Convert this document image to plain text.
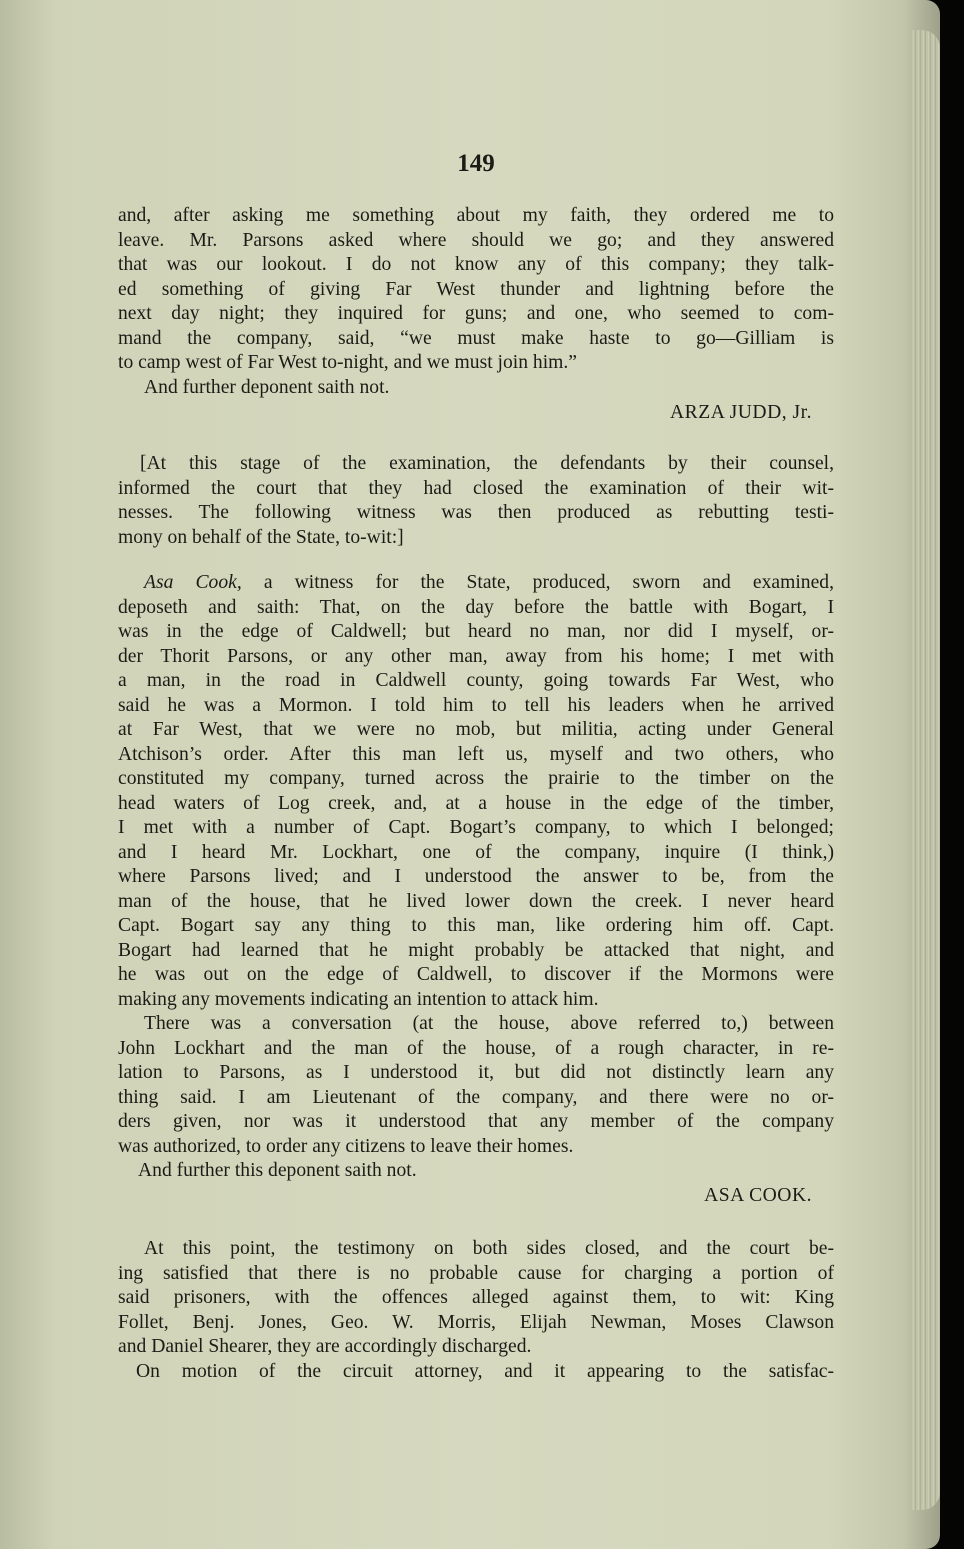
149

and, after asking me something about my faith, they ordered me to

leave. Mr. Parsons asked where should we go; and they answered

that was our lookout. I do not know any of this company; they talk-

ed something of giving Far West thunder and lightning before the

next day night; they inquired for guns; and one, who seemed to com-

mand the company, said, “we must make haste to go—Gilliam is

to camp west of Far West to-night, and we must join him.”

And further deponent saith not.

ARZA JUDD, Jr.

[At this stage of the examination, the defendants by their counsel,

informed the court that they had closed the examination of their wit-

nesses. The following witness was then produced as rebutting testi-

mony on behalf of the State, to-wit:]

Asa Cook, a witness for the State, produced, sworn and examined,

deposeth and saith: That, on the day before the battle with Bogart, I

was in the edge of Caldwell; but heard no man, nor did I myself, or-

der Thorit Parsons, or any other man, away from his home; I met with

a man, in the road in Caldwell county, going towards Far West, who

said he was a Mormon. I told him to tell his leaders when he arrived

at Far West, that we were no mob, but militia, acting under General

Atchison’s order. After this man left us, myself and two others, who

constituted my company, turned across the prairie to the timber on the

head waters of Log creek, and, at a house in the edge of the timber,

I met with a number of Capt. Bogart’s company, to which I belonged;

and I heard Mr. Lockhart, one of the company, inquire (I think,)

where Parsons lived; and I understood the answer to be, from the

man of the house, that he lived lower down the creek. I never heard

Capt. Bogart say any thing to this man, like ordering him off. Capt.

Bogart had learned that he might probably be attacked that night, and

he was out on the edge of Caldwell, to discover if the Mormons were

making any movements indicating an intention to attack him.

There was a conversation (at the house, above referred to,) between

John Lockhart and the man of the house, of a rough character, in re-

lation to Parsons, as I understood it, but did not distinctly learn any

thing said. I am Lieutenant of the company, and there were no or-

ders given, nor was it understood that any member of the company

was authorized, to order any citizens to leave their homes.

And further this deponent saith not.

ASA COOK.

At this point, the testimony on both sides closed, and the court be-

ing satisfied that there is no probable cause for charging a portion of

said prisoners, with the offences alleged against them, to wit: King

Follet, Benj. Jones, Geo. W. Morris, Elijah Newman, Moses Clawson

and Daniel Shearer, they are accordingly discharged.

On motion of the circuit attorney, and it appearing to the satisfac-
